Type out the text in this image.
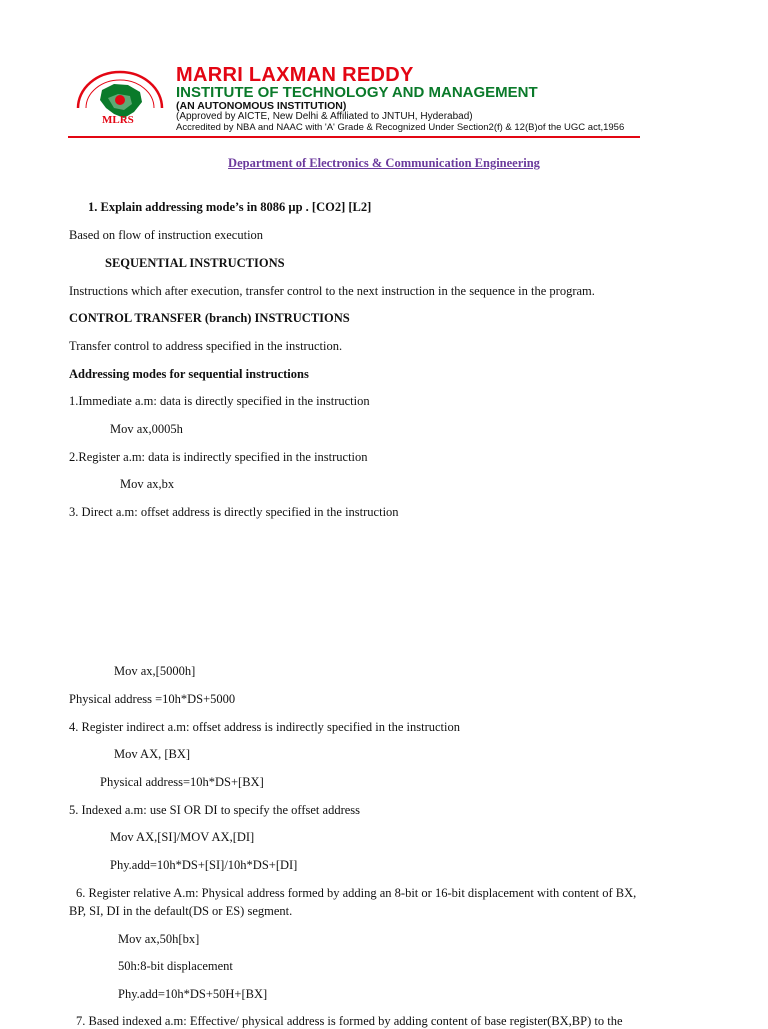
MLRS
MARRI LAXMAN REDDY
INSTITUTE OF TECHNOLOGY AND MANAGEMENT
(AN AUTONOMOUS INSTITUTION)
(Approved by AICTE, New Delhi & Affiliated to JNTUH, Hyderabad)
Accredited by NBA and NAAC with 'A' Grade & Recognized Under Section2(f) & 12(B)of the UGC act,1956
Department of Electronics & Communication Engineering
1. Explain addressing mode’s in 8086 µp . [CO2] [L2]
Based on flow of instruction execution
SEQUENTIAL INSTRUCTIONS
Instructions which after execution, transfer control to the next instruction in the sequence in the program.
CONTROL TRANSFER (branch) INSTRUCTIONS
Transfer control to address specified in the instruction.
Addressing modes for sequential instructions
1.Immediate a.m: data is directly specified in the instruction
Mov ax,0005h
2.Register a.m: data is indirectly specified in the instruction
Mov ax,bx
3. Direct a.m: offset address is directly specified in the instruction
Mov ax,[5000h]
Physical address =10h*DS+5000
4. Register indirect a.m: offset address is indirectly specified in the instruction
Mov AX, [BX]
Physical address=10h*DS+[BX]
5. Indexed a.m: use SI OR DI to specify the offset address
Mov AX,[SI]/MOV AX,[DI]
Phy.add=10h*DS+[SI]/10h*DS+[DI]
6. Register relative A.m: Physical address formed by adding an 8-bit or 16-bit displacement with content of BX,
BP, SI, DI in the default(DS or ES) segment.
Mov ax,50h[bx]
50h:8-bit displacement
Phy.add=10h*DS+50H+[BX]
7. Based indexed a.m: Effective/ physical address is formed by adding content of base register(BX,BP) to the
